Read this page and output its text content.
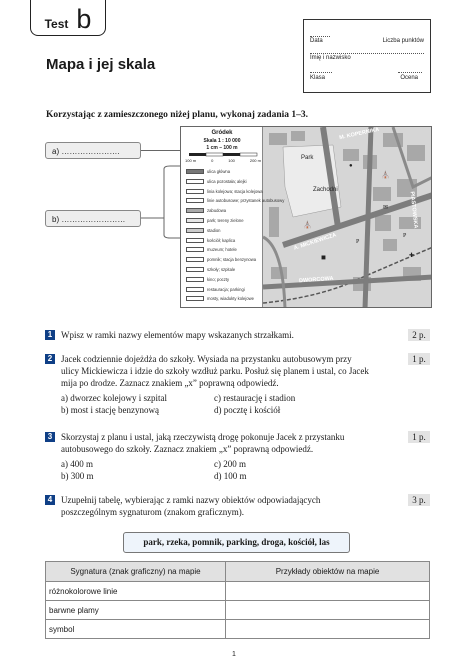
Test b
Mapa i jej skala
Data	Liczba punktów
Imię i nazwisko
Klasa	Ocena
Korzystając z zamieszczonego niżej planu, wykonaj zadania 1–3.
a) ………………….
b) ……………………
⛪
⛪
P
P
✉
✚
◼
●
Park
Zachodni
M. KOPERNIKA
A. MICKIEWICZA
DWORCOWA
PIASTOWSKA
Gródek
Skala 1 : 10 000
1 cm – 100 m
100 m	0	100	200 m
ulica główna
ulica pozostała; alejki
linia kolejowa; stacja kolejowa
linie autobusowe; przystanek autobusowy
zabudowa
park; tereny zielone
stadion
kościół; kaplica
muzeum; hotele
pomnik; stacja benzynowa
szkoły; szpitale
kino; poczty
restauracja; parkingi
mosty, wiadukty kolejowe
1 Wpisz w ramki nazwy elementów mapy wskazanych strzałkami.	2 p.
2 Jacek codziennie dojeżdża do szkoły. Wysiada na przystanku autobusowym przy
ulicy Mickiewicza i idzie do szkoły wzdłuż parku. Posłuż się planem i ustal, co Jacek
mija po drodze. Zaznacz znakiem „x” poprawną odpowiedź.
1 p.
a) dworzec kolejowy i szpital	c) restaurację i stadion
b) most i stację benzynową	d) pocztę i kościół
3 Skorzystaj z planu i ustal, jaką rzeczywistą drogę pokonuje Jacek z przystanku
autobusowego do szkoły. Zaznacz znakiem „x” poprawną odpowiedź.
1 p.
a) 400 m	c) 200 m
b) 300 m	d) 100 m
4 Uzupełnij tabelę, wybierając z ramki nazwy obiektów odpowiadających
poszczególnym sygnaturom (znakom graficznym).
3 p.
park, rzeka, pomnik, parking, droga, kościół, las
Sygnatura (znak graficzny) na mapie	Przykłady obiektów na mapie
różnokolorowe linie	
barwne plamy	
symbol	
1
